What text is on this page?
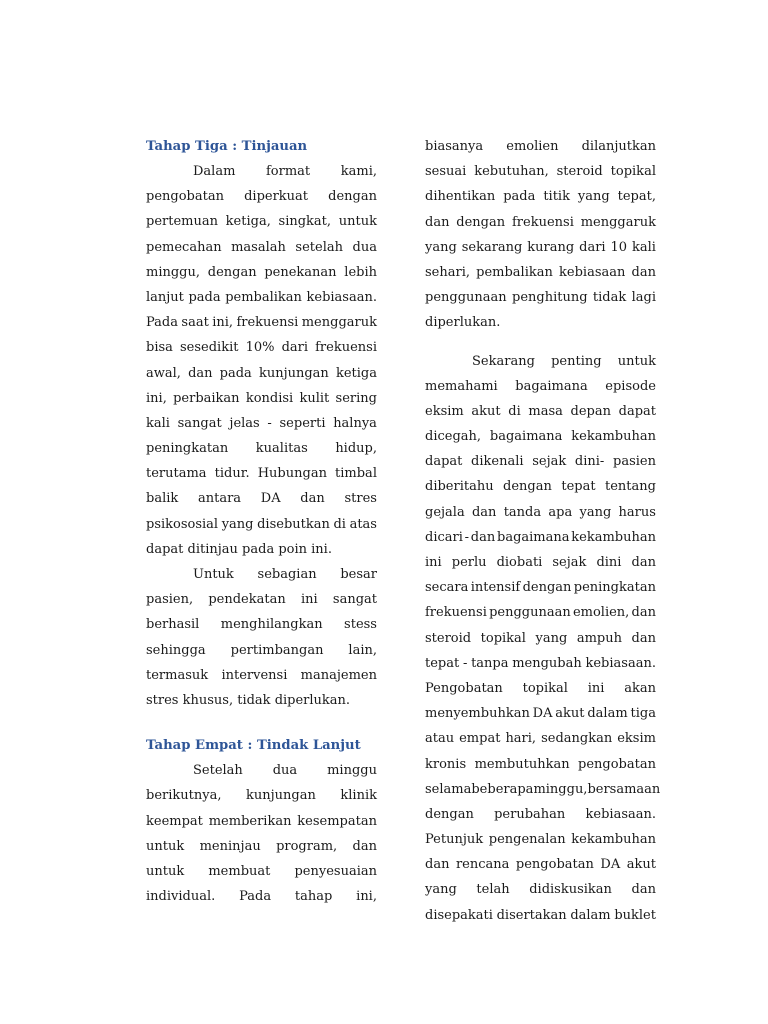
Tahap Tiga : Tinjauan
Dalam format kami,
pengobatan diperkuat dengan
pertemuan ketiga, singkat, untuk
pemecahan masalah setelah dua
minggu, dengan penekanan lebih
lanjut pada pembalikan kebiasaan.
Pada saat ini, frekuensi menggaruk
bisa sesedikit 10% dari frekuensi
awal, dan pada kunjungan ketiga
ini, perbaikan kondisi kulit sering
kali sangat jelas - seperti halnya
peningkatan kualitas hidup,
terutama tidur. Hubungan timbal
balik antara DA dan stres
psikososial yang disebutkan di atas
dapat ditinjau pada poin ini.
Untuk sebagian besar
pasien, pendekatan ini sangat
berhasil menghilangkan stess
sehingga pertimbangan lain,
termasuk intervensi manajemen
stres khusus, tidak diperlukan.
Tahap Empat : Tindak Lanjut
Setelah dua minggu
berikutnya, kunjungan klinik
keempat memberikan kesempatan
untuk meninjau program, dan
untuk membuat penyesuaian
individual. Pada tahap ini,
biasanya emolien dilanjutkan
sesuai kebutuhan, steroid topikal
dihentikan pada titik yang tepat,
dan dengan frekuensi menggaruk
yang sekarang kurang dari 10 kali
sehari, pembalikan kebiasaan dan
penggunaan penghitung tidak lagi
diperlukan.
Sekarang penting untuk
memahami bagaimana episode
eksim akut di masa depan dapat
dicegah, bagaimana kekambuhan
dapat dikenali sejak dini- pasien
diberitahu dengan tepat tentang
gejala dan tanda apa yang harus
dicari - dan bagaimana kekambuhan
ini perlu diobati sejak dini dan
secara intensif dengan peningkatan
frekuensi penggunaan emolien, dan
steroid topikal yang ampuh dan
tepat - tanpa mengubah kebiasaan.
Pengobatan topikal ini akan
menyembuhkan DA akut dalam tiga
atau empat hari, sedangkan eksim
kronis membutuhkan pengobatan
selama beberapa minggu, bersamaan
dengan perubahan kebiasaan.
Petunjuk pengenalan kekambuhan
dan rencana pengobatan DA akut
yang telah didiskusikan dan
disepakati disertakan dalam buklet
